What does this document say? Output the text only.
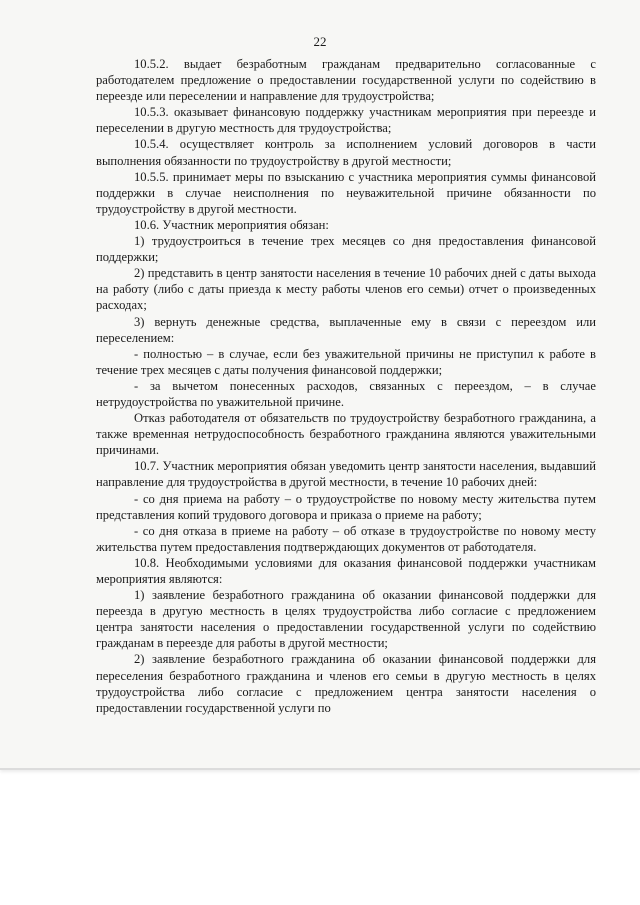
22

10.5.2. выдает безработным гражданам предварительно согласованные с работодателем предложение о предоставлении государственной услуги по содействию в переезде или переселении и направление для трудоустройства;

10.5.3. оказывает финансовую поддержку участникам мероприятия при переезде и переселении в другую местность для трудоустройства;

10.5.4. осуществляет контроль за исполнением условий договоров в части выполнения обязанности по трудоустройству в другой местности;

10.5.5. принимает меры по взысканию с участника мероприятия суммы финансовой поддержки в случае неисполнения по неуважительной причине обязанности по трудоустройству в другой местности.

10.6. Участник мероприятия обязан:

1) трудоустроиться в течение трех месяцев со дня предоставления финансовой поддержки;

2) представить в центр занятости населения в течение 10 рабочих дней с даты выхода на работу (либо с даты приезда к месту работы членов его семьи) отчет о произведенных расходах;

3) вернуть денежные средства, выплаченные ему в связи с переездом или переселением:

- полностью – в случае, если без уважительной причины не приступил к работе в течение трех месяцев с даты получения финансовой поддержки;

- за вычетом понесенных расходов, связанных с переездом, – в случае нетрудоустройства по уважительной причине.

Отказ работодателя от обязательств по трудоустройству безработного гражданина, а также временная нетрудоспособность безработного гражданина являются уважительными причинами.

10.7. Участник мероприятия обязан уведомить центр занятости населения, выдавший направление для трудоустройства в другой местности, в течение 10 рабочих дней:

- со дня приема на работу – о трудоустройстве по новому месту жительства путем представления копий трудового договора и приказа о приеме на работу;

- со дня отказа в приеме на работу – об отказе в трудоустройстве по новому месту жительства путем предоставления подтверждающих документов от работодателя.

10.8. Необходимыми условиями для оказания финансовой поддержки участникам мероприятия являются:

1) заявление безработного гражданина об оказании финансовой поддержки для переезда в другую местность в целях трудоустройства либо согласие с предложением центра занятости населения о предоставлении государственной услуги по содействию гражданам в переезде для работы в другой местности;

2) заявление безработного гражданина об оказании финансовой поддержки для переселения безработного гражданина и членов его семьи в другую местность в целях трудоустройства либо согласие с предложением центра занятости населения о предоставлении государственной услуги по
